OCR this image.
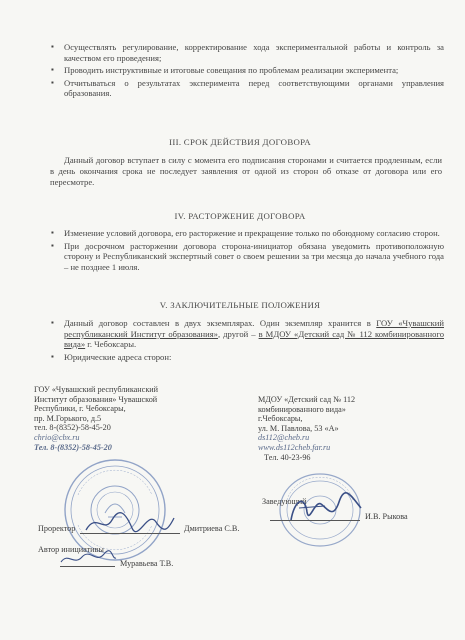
▪ Осуществлять регулирование, корректирование хода экспериментальной работы и контроль за качеством его проведения;
▪ Проводить инструктивные и итоговые совещания по проблемам реализации эксперимента;
▪ Отчитываться о результатах эксперимента перед соответствующими органами управления образования.
III. СРОК ДЕЙСТВИЯ ДОГОВОРА
Данный договор вступает в силу с момента его подписания сторонами и считается продленным, если в день окончания срока не последует заявления от одной из сторон об отказе от договора или его пересмотре.
IV. РАСТОРЖЕНИЕ ДОГОВОРА
▪ Изменение условий договора, его расторжение и прекращение только по обоюдному согласию сторон.
▪ При досрочном расторжении договора сторона-инициатор обязана уведомить противоположную сторону и Республиканский экспертный совет о своем решении за три месяца до начала учебного года – не позднее 1 июля.
V. ЗАКЛЮЧИТЕЛЬНЫЕ ПОЛОЖЕНИЯ
▪ Данный договор составлен в двух экземплярах. Один экземпляр хранится в ГОУ «Чувашский республиканский Институт образования», другой – в МДОУ «Детский сад № 112 комбинированного вида» г. Чебоксары.
▪ Юридические адреса сторон:
ГОУ «Чувашский республиканский
Институт образования» Чувашской
Республики, г. Чебоксары,
пр. М.Горького, д.5
тел. 8-(8352)-58-45-20
chrio@cbx.ru
Тел. 8-(8352)-58-45-20
МДОУ «Детский сад № 112
комбинированного вида»
г.Чебоксары,
ул. М. Павлова, 53 «А»
ds112@cheb.ru
www.ds112cheb.far.ru
Тел. 40-23-96
Проректор	Дмитриева С.В.
Автор инициативы
Муравьева Т.В.
Заведующий
И.В. Рыкова
